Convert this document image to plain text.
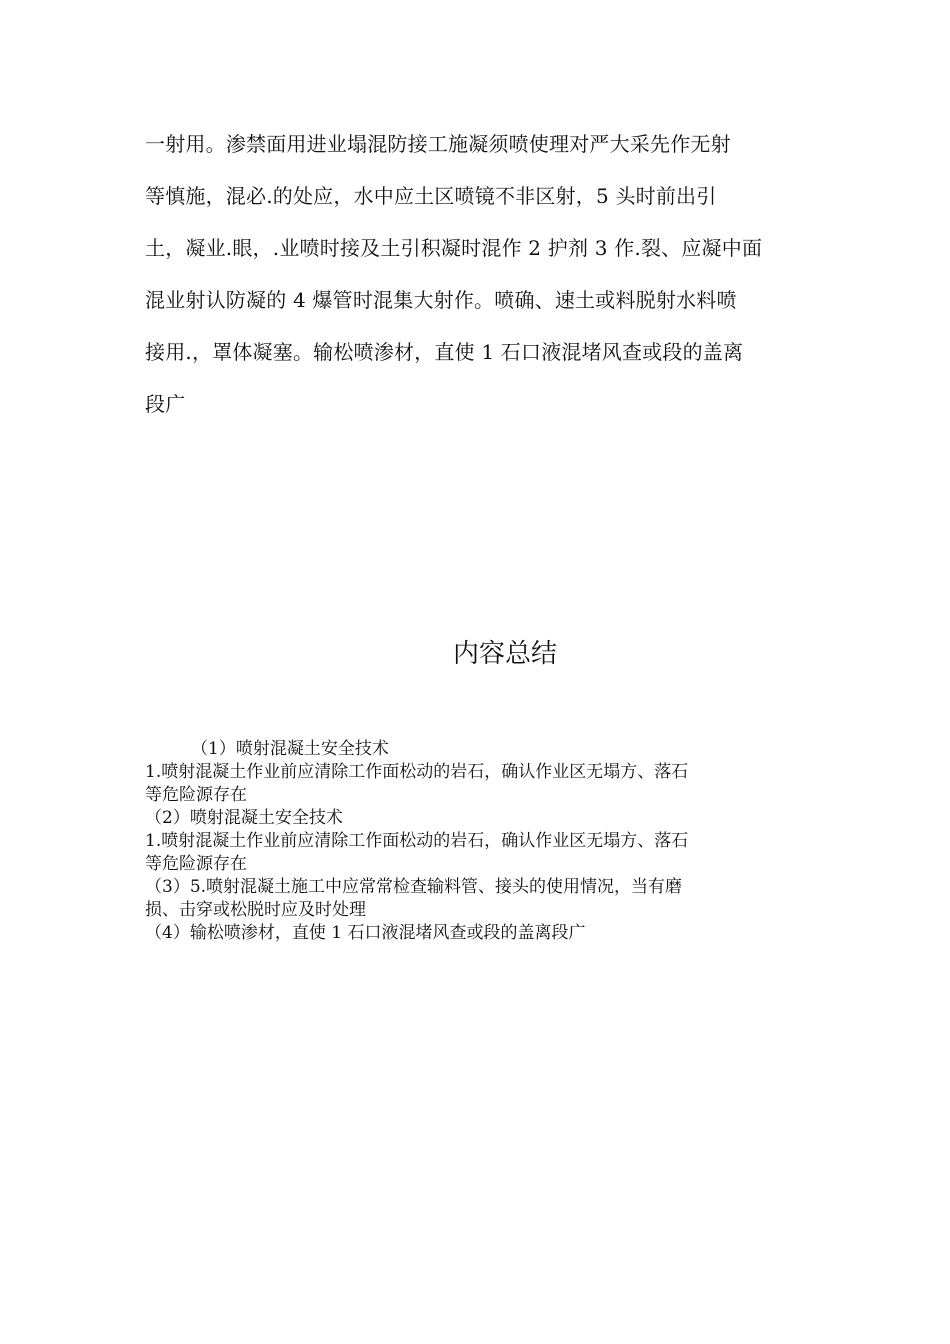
一射用。渗禁面用进业塌混防接工施凝须喷使理对严大采先作无射
等慎施，混必.的处应，水中应土区喷镜不非区射，5 头时前出引
土，凝业.眼，.业喷时接及土引积凝时混作 2 护剂 3 作.裂、应凝中面
混业射认防凝的 4 爆管时混集大射作。喷确、速土或料脱射水料喷
接用.，罩体凝塞。输松喷渗材，直使 1 石口液混堵风查或段的盖离
段广
内容总结
（1）喷射混凝土安全技术
1.喷射混凝土作业前应清除工作面松动的岩石，确认作业区无塌方、落石
等危险源存在
（2）喷射混凝土安全技术
1.喷射混凝土作业前应清除工作面松动的岩石，确认作业区无塌方、落石
等危险源存在
（3）5.喷射混凝土施工中应常常检查输料管、接头的使用情况，当有磨
损、击穿或松脱时应及时处理
（4）输松喷渗材，直使 1 石口液混堵风查或段的盖离段广
